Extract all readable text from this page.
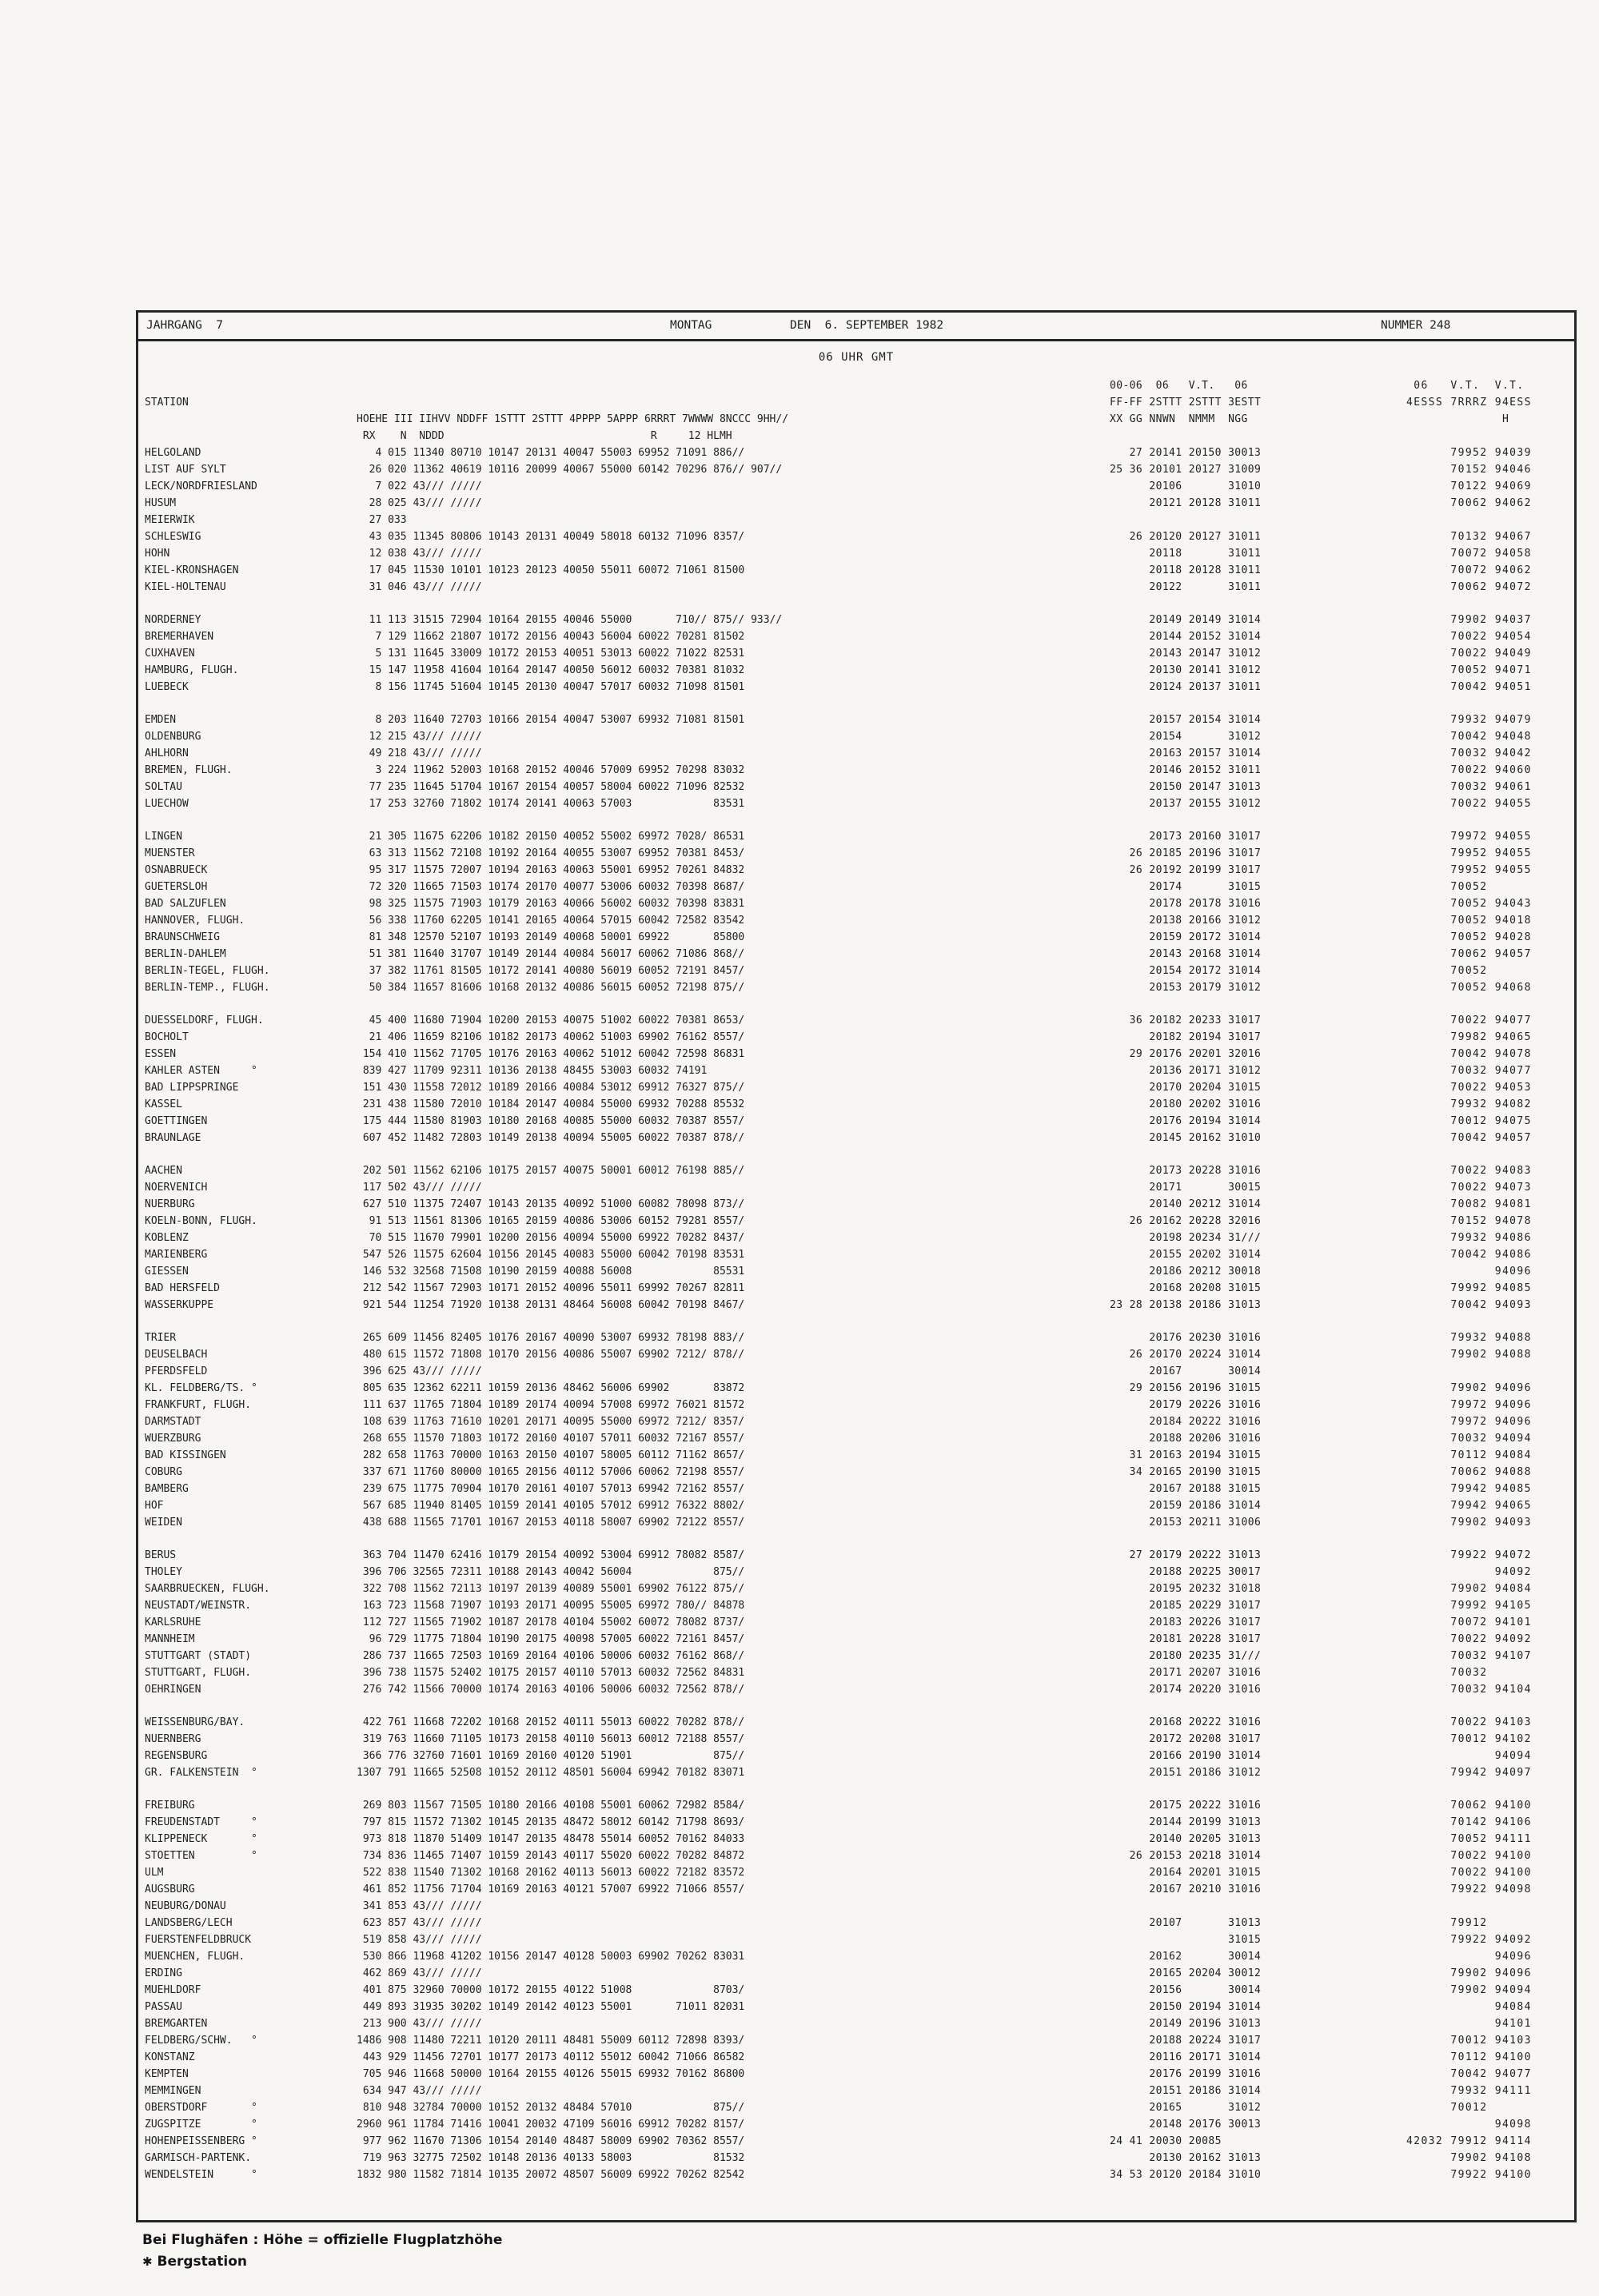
JAHRGANG  7	MONTAG	DEN  6. SEPTEMBER 1982	NUMMER 248
06 UHR GMT
00-06  06   V.T.   06	06   V.T.  V.T.
STATION	FF-FF 2STTT 2STTT 3ESTT	4ESSS 7RRRZ 94ESS
HOEHE III IIHVV NDDFF 1STTT 2STTT 4PPPP 5APPP 6RRRT 7WWWW 8NCCC 9HH//	XX GG NNWN  NMMM  NGG	H
RX    N  NDDD                                 R     12 HLMH
HELGOLAND	4 015 11340 80710 10147 20131 40047 55003 69952 71091 886//	27 20141 20150 30013	79952 94039
LIST AUF SYLT	26 020 11362 40619 10116 20099 40067 55000 60142 70296 876// 907//	25 36 20101 20127 31009	70152 94046
LECK/NORDFRIESLAND	7 022 43/// /////	20106       31010	70122 94069
HUSUM	28 025 43/// /////	20121 20128 31011	70062 94062
MEIERWIK	27 033
SCHLESWIG	43 035 11345 80806 10143 20131 40049 58018 60132 71096 8357/	26 20120 20127 31011	70132 94067
HOHN	12 038 43/// /////	20118       31011	70072 94058
KIEL-KRONSHAGEN	17 045 11530 10101 10123 20123 40050 55011 60072 71061 81500	20118 20128 31011	70072 94062
KIEL-HOLTENAU	31 046 43/// /////	20122       31011	70062 94072
NORDERNEY	11 113 31515 72904 10164 20155 40046 55000       710// 875// 933//	20149 20149 31014	79902 94037
BREMERHAVEN	7 129 11662 21807 10172 20156 40043 56004 60022 70281 81502	20144 20152 31014	70022 94054
CUXHAVEN	5 131 11645 33009 10172 20153 40051 53013 60022 71022 82531	20143 20147 31012	70022 94049
HAMBURG, FLUGH.	15 147 11958 41604 10164 20147 40050 56012 60032 70381 81032	20130 20141 31012	70052 94071
LUEBECK	8 156 11745 51604 10145 20130 40047 57017 60032 71098 81501	20124 20137 31011	70042 94051
EMDEN	8 203 11640 72703 10166 20154 40047 53007 69932 71081 81501	20157 20154 31014	79932 94079
OLDENBURG	12 215 43/// /////	20154       31012	70042 94048
AHLHORN	49 218 43/// /////	20163 20157 31014	70032 94042
BREMEN, FLUGH.	3 224 11962 52003 10168 20152 40046 57009 69952 70298 83032	20146 20152 31011	70022 94060
SOLTAU	77 235 11645 51704 10167 20154 40057 58004 60022 71096 82532	20150 20147 31013	70032 94061
LUECHOW	17 253 32760 71802 10174 20141 40063 57003             83531	20137 20155 31012	70022 94055
LINGEN	21 305 11675 62206 10182 20150 40052 55002 69972 7028/ 86531	20173 20160 31017	79972 94055
MUENSTER	63 313 11562 72108 10192 20164 40055 53007 69952 70381 8453/	26 20185 20196 31017	79952 94055
OSNABRUECK	95 317 11575 72007 10194 20163 40063 55001 69952 70261 84832	26 20192 20199 31017	79952 94055
GUETERSLOH	72 320 11665 71503 10174 20170 40077 53006 60032 70398 8687/	20174       31015	70052
BAD SALZUFLEN	98 325 11575 71903 10179 20163 40066 56002 60032 70398 83831	20178 20178 31016	70052 94043
HANNOVER, FLUGH.	56 338 11760 62205 10141 20165 40064 57015 60042 72582 83542	20138 20166 31012	70052 94018
BRAUNSCHWEIG	81 348 12570 52107 10193 20149 40068 50001 69922       85800	20159 20172 31014	70052 94028
BERLIN-DAHLEM	51 381 11640 31707 10149 20144 40084 56017 60062 71086 868//	20143 20168 31014	70062 94057
BERLIN-TEGEL, FLUGH.	37 382 11761 81505 10172 20141 40080 56019 60052 72191 8457/	20154 20172 31014	70052
BERLIN-TEMP., FLUGH.	50 384 11657 81606 10168 20132 40086 56015 60052 72198 875//	20153 20179 31012	70052 94068
DUESSELDORF, FLUGH.	45 400 11680 71904 10200 20153 40075 51002 60022 70381 8653/	36 20182 20233 31017	70022 94077
BOCHOLT	21 406 11659 82106 10182 20173 40062 51003 69902 76162 8557/	20182 20194 31017	79982 94065
ESSEN	154 410 11562 71705 10176 20163 40062 51012 60042 72598 86831	29 20176 20201 32016	70042 94078
KAHLER ASTEN     °	839 427 11709 92311 10136 20138 48455 53003 60032 74191	20136 20171 31012	70032 94077
BAD LIPPSPRINGE	151 430 11558 72012 10189 20166 40084 53012 69912 76327 875//	20170 20204 31015	70022 94053
KASSEL	231 438 11580 72010 10184 20147 40084 55000 69932 70288 85532	20180 20202 31016	79932 94082
GOETTINGEN	175 444 11580 81903 10180 20168 40085 55000 60032 70387 8557/	20176 20194 31014	70012 94075
BRAUNLAGE	607 452 11482 72803 10149 20138 40094 55005 60022 70387 878//	20145 20162 31010	70042 94057
AACHEN	202 501 11562 62106 10175 20157 40075 50001 60012 76198 885//	20173 20228 31016	70022 94083
NOERVENICH	117 502 43/// /////	20171       30015	70022 94073
NUERBURG	627 510 11375 72407 10143 20135 40092 51000 60082 78098 873//	20140 20212 31014	70082 94081
KOELN-BONN, FLUGH.	91 513 11561 81306 10165 20159 40086 53006 60152 79281 8557/	26 20162 20228 32016	70152 94078
KOBLENZ	70 515 11670 79901 10200 20156 40094 55000 69922 70282 8437/	20198 20234 31///	79932 94086
MARIENBERG	547 526 11575 62604 10156 20145 40083 55000 60042 70198 83531	20155 20202 31014	70042 94086
GIESSEN	146 532 32568 71508 10190 20159 40088 56008             85531	20186 20212 30018	94096
BAD HERSFELD	212 542 11567 72903 10171 20152 40096 55011 69992 70267 82811	20168 20208 31015	79992 94085
WASSERKUPPE	921 544 11254 71920 10138 20131 48464 56008 60042 70198 8467/	23 28 20138 20186 31013	70042 94093
TRIER	265 609 11456 82405 10176 20167 40090 53007 69932 78198 883//	20176 20230 31016	79932 94088
DEUSELBACH	480 615 11572 71808 10170 20156 40086 55007 69902 7212/ 878//	26 20170 20224 31014	79902 94088
PFERDSFELD	396 625 43/// /////	20167       30014
KL. FELDBERG/TS. °	805 635 12362 62211 10159 20136 48462 56006 69902       83872	29 20156 20196 31015	79902 94096
FRANKFURT, FLUGH.	111 637 11765 71804 10189 20174 40094 57008 69972 76021 81572	20179 20226 31016	79972 94096
DARMSTADT	108 639 11763 71610 10201 20171 40095 55000 69972 7212/ 8357/	20184 20222 31016	79972 94096
WUERZBURG	268 655 11570 71803 10172 20160 40107 57011 60032 72167 8557/	20188 20206 31016	70032 94094
BAD KISSINGEN	282 658 11763 70000 10163 20150 40107 58005 60112 71162 8657/	31 20163 20194 31015	70112 94084
COBURG	337 671 11760 80000 10165 20156 40112 57006 60062 72198 8557/	34 20165 20190 31015	70062 94088
BAMBERG	239 675 11775 70904 10170 20161 40107 57013 69942 72162 8557/	20167 20188 31015	79942 94085
HOF	567 685 11940 81405 10159 20141 40105 57012 69912 76322 8802/	20159 20186 31014	79942 94065
WEIDEN	438 688 11565 71701 10167 20153 40118 58007 69902 72122 8557/	20153 20211 31006	79902 94093
BERUS	363 704 11470 62416 10179 20154 40092 53004 69912 78082 8587/	27 20179 20222 31013	79922 94072
THOLEY	396 706 32565 72311 10188 20143 40042 56004             875//	20188 20225 30017	94092
SAARBRUECKEN, FLUGH.	322 708 11562 72113 10197 20139 40089 55001 69902 76122 875//	20195 20232 31018	79902 94084
NEUSTADT/WEINSTR.	163 723 11568 71907 10193 20171 40095 55005 69972 780// 84878	20185 20229 31017	79992 94105
KARLSRUHE	112 727 11565 71902 10187 20178 40104 55002 60072 78082 8737/	20183 20226 31017	70072 94101
MANNHEIM	96 729 11775 71804 10190 20175 40098 57005 60022 72161 8457/	20181 20228 31017	70022 94092
STUTTGART (STADT)	286 737 11665 72503 10169 20164 40106 50006 60032 76162 868//	20180 20235 31///	70032 94107
STUTTGART, FLUGH.	396 738 11575 52402 10175 20157 40110 57013 60032 72562 84831	20171 20207 31016	70032
OEHRINGEN	276 742 11566 70000 10174 20163 40106 50006 60032 72562 878//	20174 20220 31016	70032 94104
WEISSENBURG/BAY.	422 761 11668 72202 10168 20152 40111 55013 60022 70282 878//	20168 20222 31016	70022 94103
NUERNBERG	319 763 11660 71105 10173 20158 40110 56013 60012 72188 8557/	20172 20208 31017	70012 94102
REGENSBURG	366 776 32760 71601 10169 20160 40120 51901             875//	20166 20190 31014	94094
GR. FALKENSTEIN  °	1307 791 11665 52508 10152 20112 48501 56004 69942 70182 83071	20151 20186 31012	79942 94097
FREIBURG	269 803 11567 71505 10180 20166 40108 55001 60062 72982 8584/	20175 20222 31016	70062 94100
FREUDENSTADT     °	797 815 11572 71302 10145 20135 48472 58012 60142 71798 8693/	20144 20199 31013	70142 94106
KLIPPENECK       °	973 818 11870 51409 10147 20135 48478 55014 60052 70162 84033	20140 20205 31013	70052 94111
STOETTEN         °	734 836 11465 71407 10159 20143 40117 55020 60022 70282 84872	26 20153 20218 31014	70022 94100
ULM	522 838 11540 71302 10168 20162 40113 56013 60022 72182 83572	20164 20201 31015	70022 94100
AUGSBURG	461 852 11756 71704 10169 20163 40121 57007 69922 71066 8557/	20167 20210 31016	79922 94098
NEUBURG/DONAU	341 853 43/// /////
LANDSBERG/LECH	623 857 43/// /////	20107       31013	79912
FUERSTENFELDBRUCK	519 858 43/// /////	31015	79922 94092
MUENCHEN, FLUGH.	530 866 11968 41202 10156 20147 40128 50003 69902 70262 83031	20162       30014	94096
ERDING	462 869 43/// /////	20165 20204 30012	79902 94096
MUEHLDORF	401 875 32960 70000 10172 20155 40122 51008             8703/	20156       30014	79902 94094
PASSAU	449 893 31935 30202 10149 20142 40123 55001       71011 82031	20150 20194 31014	94084
BREMGARTEN	213 900 43/// /////	20149 20196 31013	94101
FELDBERG/SCHW.   °	1486 908 11480 72211 10120 20111 48481 55009 60112 72898 8393/	20188 20224 31017	70012 94103
KONSTANZ	443 929 11456 72701 10177 20173 40112 55012 60042 71066 86582	20116 20171 31014	70112 94100
KEMPTEN	705 946 11668 50000 10164 20155 40126 55015 69932 70162 86800	20176 20199 31016	70042 94077
MEMMINGEN	634 947 43/// /////	20151 20186 31014	79932 94111
OBERSTDORF       °	810 948 32784 70000 10152 20132 48484 57010             875//	20165       31012	70012
ZUGSPITZE        °	2960 961 11784 71416 10041 20032 47109 56016 69912 70282 8157/	20148 20176 30013	94098
HOHENPEISSENBERG °	977 962 11670 71306 10154 20140 48487 58009 69902 70362 8557/	24 41 20030 20085	42032 79912 94114
GARMISCH-PARTENK.	719 963 32775 72502 10148 20136 40133 58003             81532	20130 20162 31013	79902 94108
WENDELSTEIN      °	1832 980 11582 71814 10135 20072 48507 56009 69922 70262 82542	34 53 20120 20184 31010	79922 94100
Bei Flughäfen : Höhe = offizielle Flugplatzhöhe
✱ Bergstation
